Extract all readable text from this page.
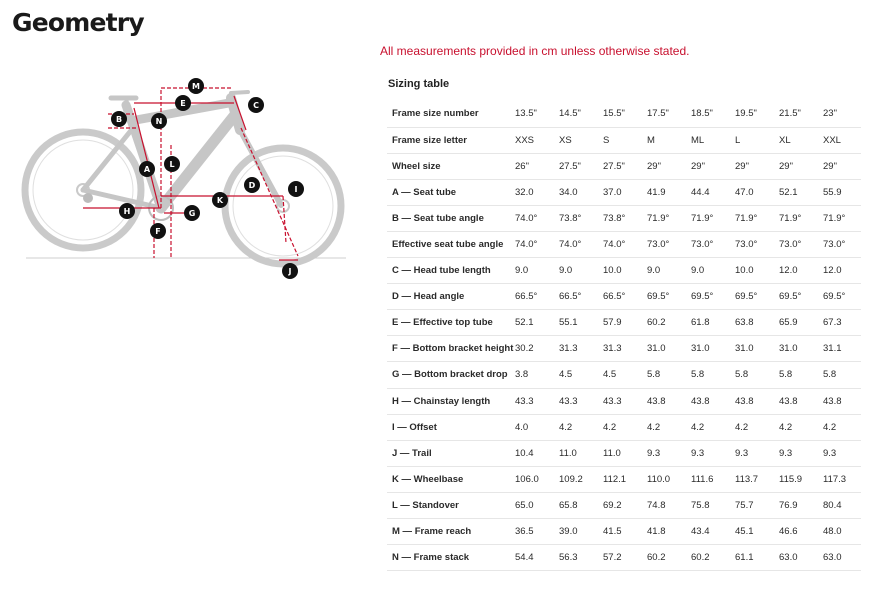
Geometry
All measurements provided in cm unless otherwise stated.
Sizing table
M
E	C
B	N
L
A
D	I
K
H	G
F
J
Frame size number	13.5"	14.5"	15.5"	17.5"	18.5"	19.5"	21.5"	23"
Frame size letter	XXS	XS	S	M	ML	L	XL	XXL
Wheel size	26"	27.5"	27.5"	29"	29"	29"	29"	29"
A — Seat tube	32.0	34.0	37.0	41.9	44.4	47.0	52.1	55.9
B — Seat tube angle	74.0°	73.8°	73.8°	71.9°	71.9°	71.9°	71.9°	71.9°
Effective seat tube angle	74.0°	74.0°	74.0°	73.0°	73.0°	73.0°	73.0°	73.0°
C — Head tube length	9.0	9.0	10.0	9.0	9.0	10.0	12.0	12.0
D — Head angle	66.5°	66.5°	66.5°	69.5°	69.5°	69.5°	69.5°	69.5°
E — Effective top tube	52.1	55.1	57.9	60.2	61.8	63.8	65.9	67.3
F — Bottom bracket height	30.2	31.3	31.3	31.0	31.0	31.0	31.0	31.1
G — Bottom bracket drop	3.8	4.5	4.5	5.8	5.8	5.8	5.8	5.8
H — Chainstay length	43.3	43.3	43.3	43.8	43.8	43.8	43.8	43.8
I — Offset	4.0	4.2	4.2	4.2	4.2	4.2	4.2	4.2
J — Trail	10.4	11.0	11.0	9.3	9.3	9.3	9.3	9.3
K — Wheelbase	106.0	109.2	112.1	110.0	111.6	113.7	115.9	117.3
L — Standover	65.0	65.8	69.2	74.8	75.8	75.7	76.9	80.4
M — Frame reach	36.5	39.0	41.5	41.8	43.4	45.1	46.6	48.0
N — Frame stack	54.4	56.3	57.2	60.2	60.2	61.1	63.0	63.0
